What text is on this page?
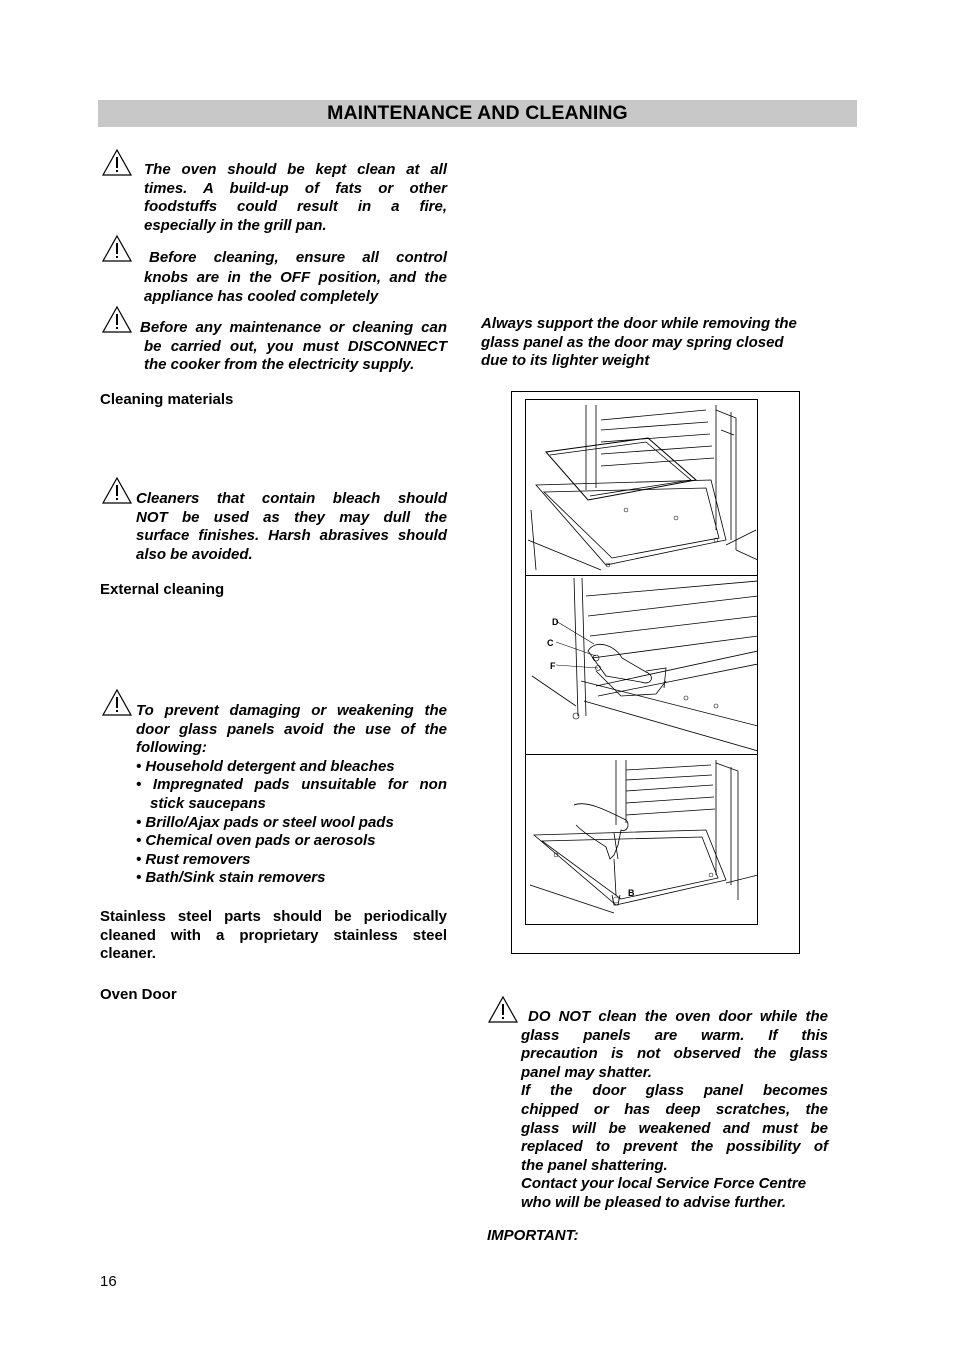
MAINTENANCE AND CLEANING
The oven should be kept clean at all
times. A build-up of fats or other
foodstuffs could result in a fire,
especially in the grill pan.
Before cleaning, ensure all control
knobs are in the OFF position, and the
appliance has cooled completely
Before any maintenance or cleaning can
be carried out, you must DISCONNECT
the cooker from the electricity supply.
Cleaning materials
Cleaners that contain bleach should
NOT be used as they may dull the
surface finishes. Harsh abrasives should
also be avoided.
External cleaning
To prevent damaging or weakening the
door glass panels avoid the use of the
following:
• Household detergent and bleaches
• Impregnated pads unsuitable for non
stick saucepans
• Brillo/Ajax pads or steel wool pads
• Chemical oven pads or aerosols
• Rust removers
• Bath/Sink stain removers
Stainless steel parts should be periodically
cleaned with a proprietary stainless steel
cleaner.
Oven Door
Always support the door while removing the
glass panel as the door may spring closed
due to its lighter weight
D
C
F
B
DO NOT clean the oven door while the
glass panels are warm. If this
precaution is not observed the glass
panel may shatter.
If the door glass panel becomes
chipped or has deep scratches, the
glass will be weakened and must be
replaced to prevent the possibility of
the panel shattering.
Contact your local Service Force Centre
who will be pleased to advise further.
IMPORTANT:
16
